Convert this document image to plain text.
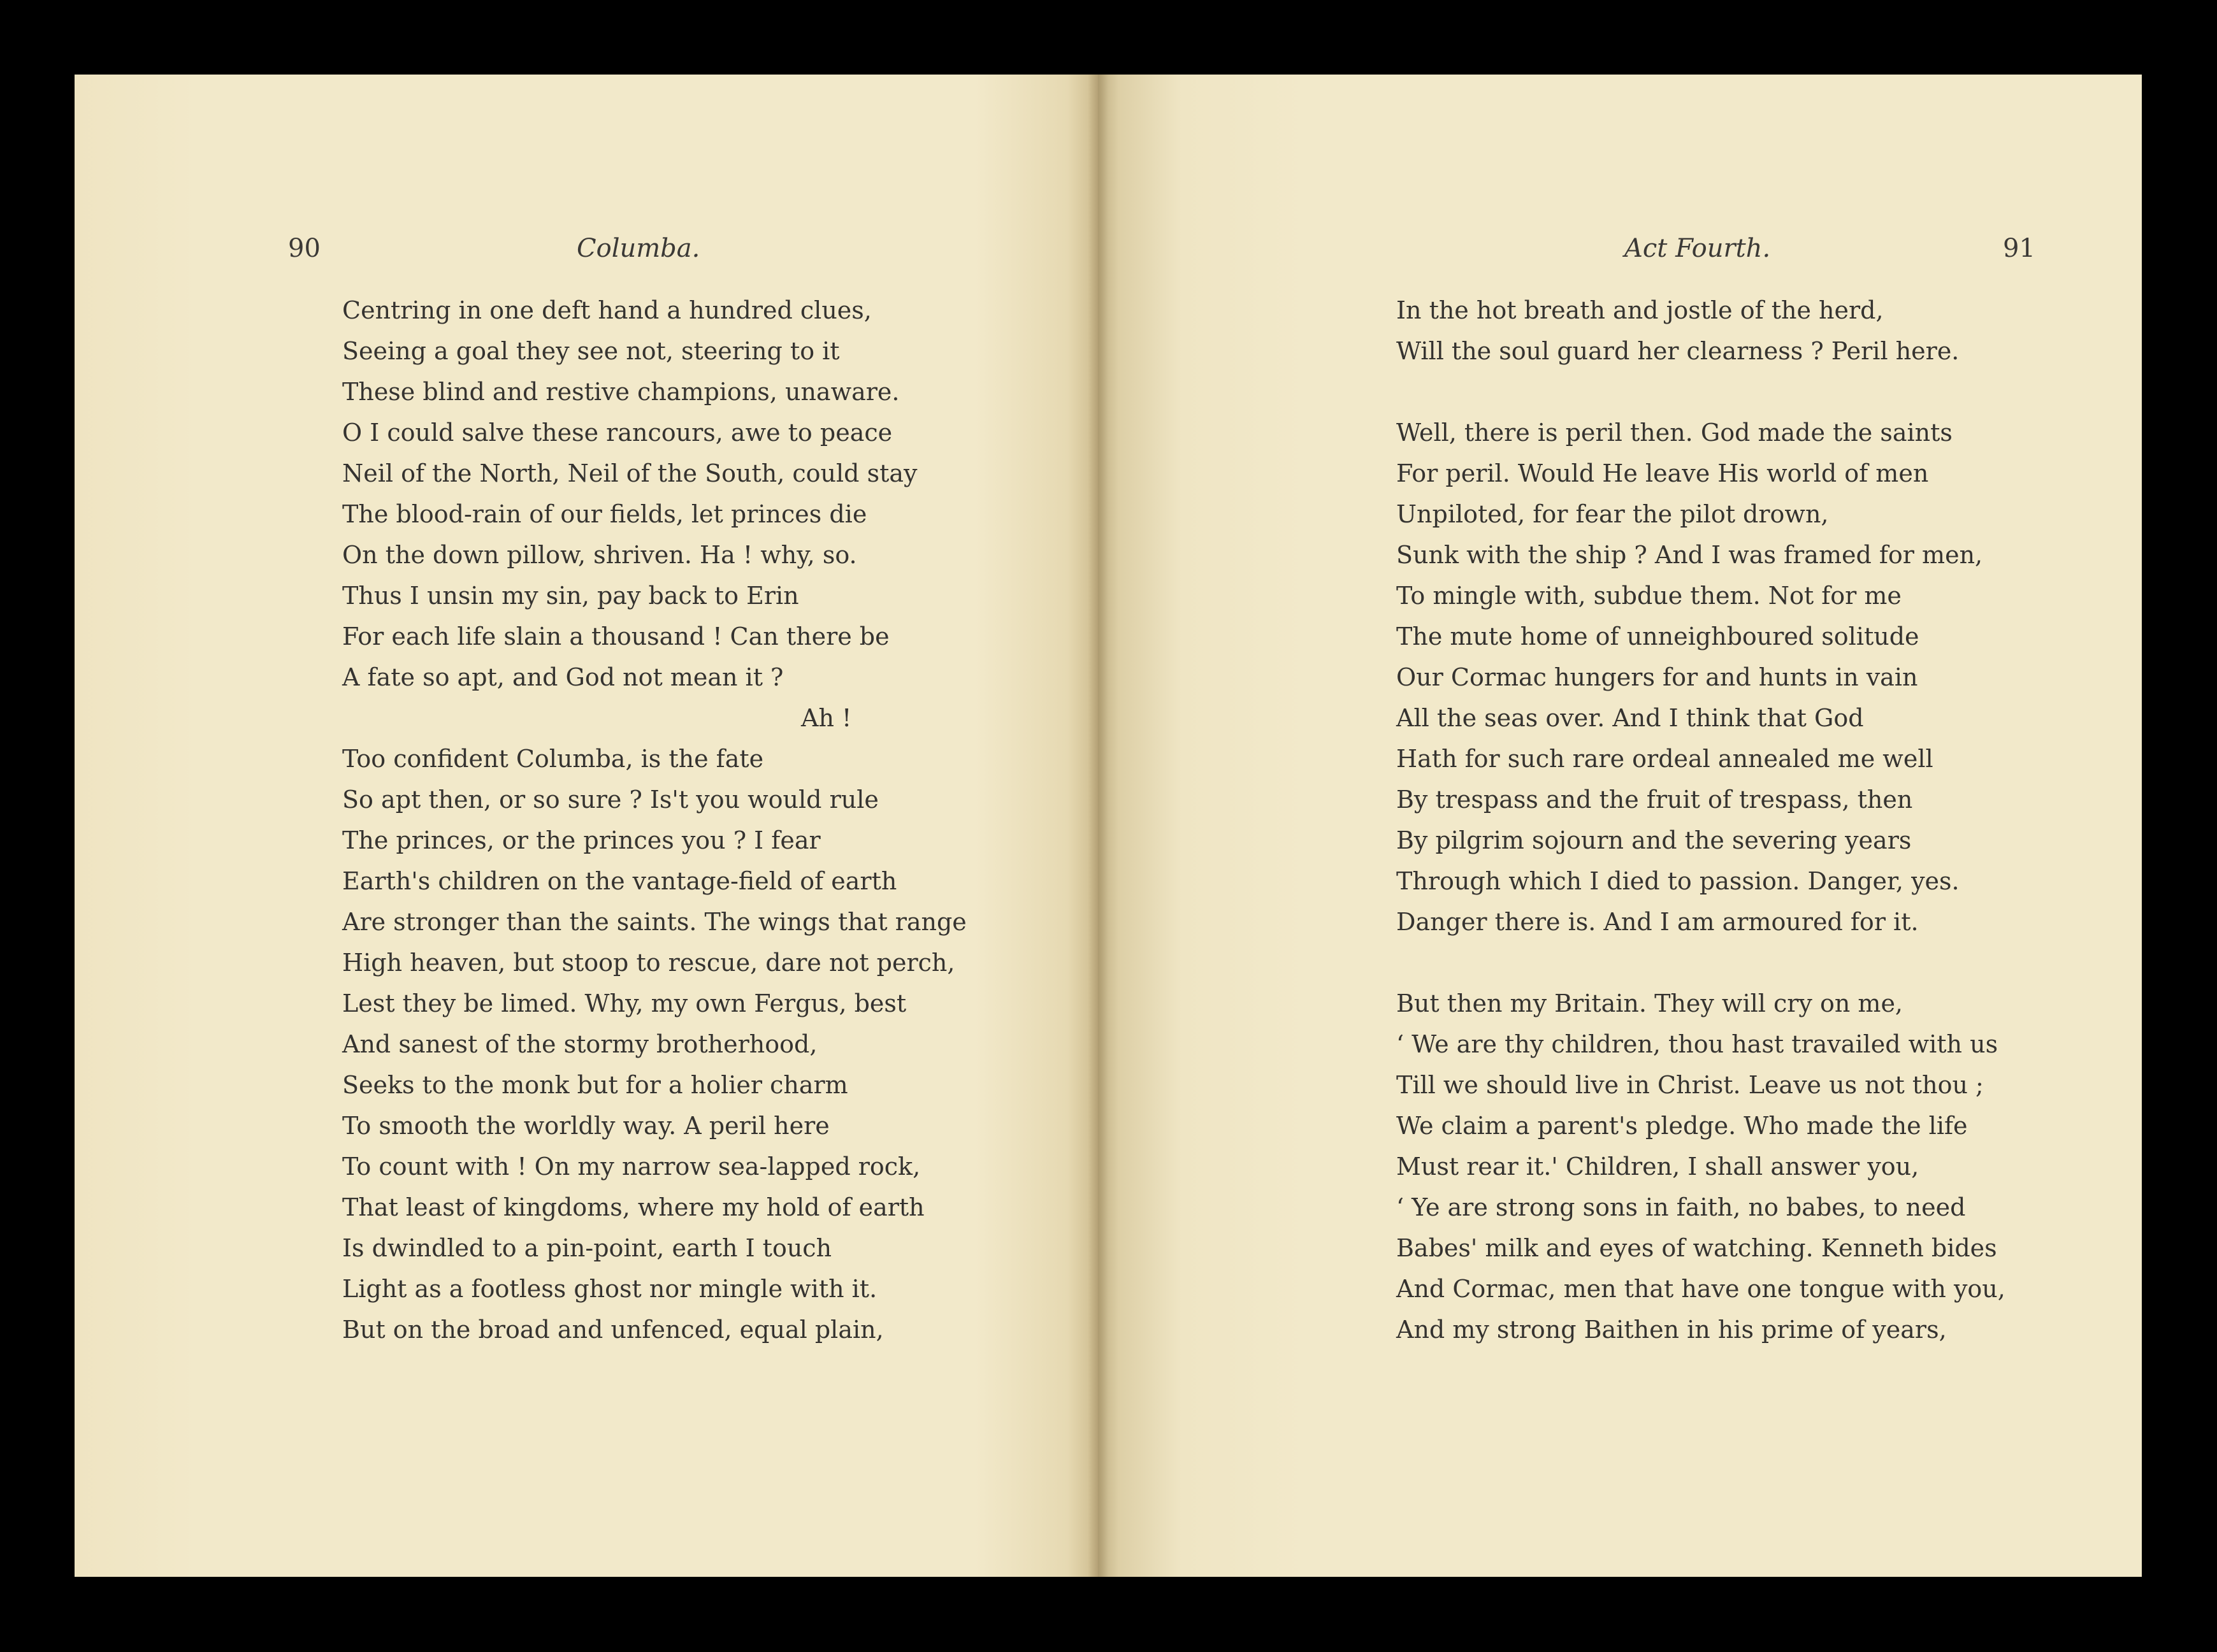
90	Columba.
Centring in one deft hand a hundred clues,
Seeing a goal they see not, steering to it
These blind and restive champions, unaware.
O I could salve these rancours, awe to peace
Neil of the North, Neil of the South, could stay
The blood-rain of our fields, let princes die
On the down pillow, shriven. Ha ! why, so.
Thus I unsin my sin, pay back to Erin
For each life slain a thousand ! Can there be
A fate so apt, and God not mean it ?
Ah !
Too confident Columba, is the fate
So apt then, or so sure ? Is't you would rule
The princes, or the princes you ? I fear
Earth's children on the vantage-field of earth
Are stronger than the saints. The wings that range
High heaven, but stoop to rescue, dare not perch,
Lest they be limed. Why, my own Fergus, best
And sanest of the stormy brotherhood,
Seeks to the monk but for a holier charm
To smooth the worldly way. A peril here
To count with ! On my narrow sea-lapped rock,
That least of kingdoms, where my hold of earth
Is dwindled to a pin-point, earth I touch
Light as a footless ghost nor mingle with it.
But on the broad and unfenced, equal plain,
Act Fourth.	91
In the hot breath and jostle of the herd,
Will the soul guard her clearness ? Peril here.
Well, there is peril then. God made the saints
For peril. Would He leave His world of men
Unpiloted, for fear the pilot drown,
Sunk with the ship ? And I was framed for men,
To mingle with, subdue them. Not for me
The mute home of unneighboured solitude
Our Cormac hungers for and hunts in vain
All the seas over. And I think that God
Hath for such rare ordeal annealed me well
By trespass and the fruit of trespass, then
By pilgrim sojourn and the severing years
Through which I died to passion. Danger, yes.
Danger there is. And I am armoured for it.
But then my Britain. They will cry on me,
‘ We are thy children, thou hast travailed with us
Till we should live in Christ. Leave us not thou ;
We claim a parent's pledge. Who made the life
Must rear it.' Children, I shall answer you,
‘ Ye are strong sons in faith, no babes, to need
Babes' milk and eyes of watching. Kenneth bides
And Cormac, men that have one tongue with you,
And my strong Baithen in his prime of years,
